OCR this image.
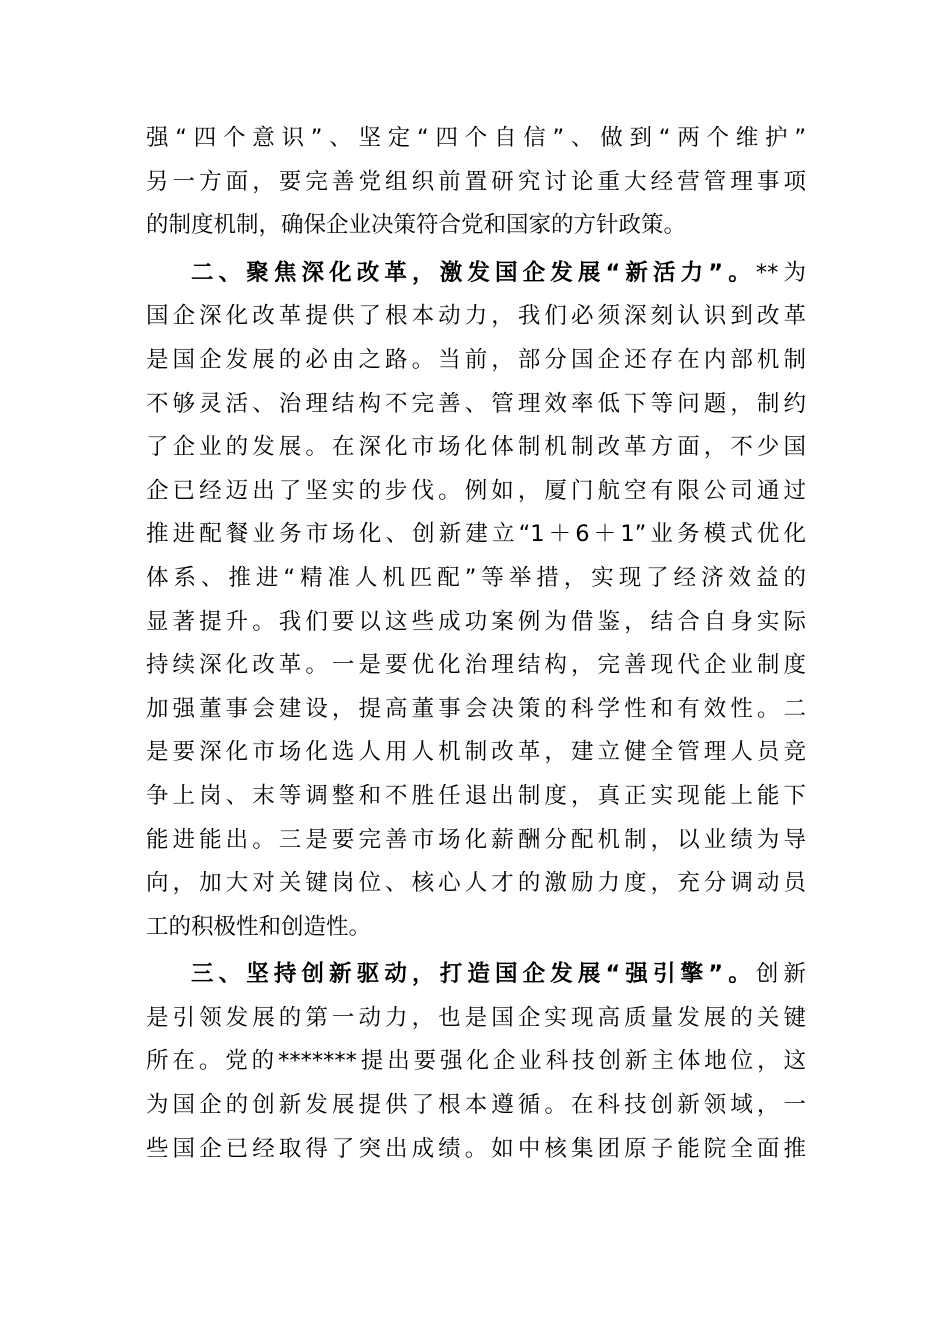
强“四个意识”、坚定“四个自信”、做到“两个维护”
另一方面，要完善党组织前置研究讨论重大经营管理事项
的制度机制，确保企业决策符合党和国家的方针政策。
二、聚焦深化改革，激发国企发展“新活力”。**为
国企深化改革提供了根本动力，我们必须深刻认识到改革
是国企发展的必由之路。当前，部分国企还存在内部机制
不够灵活、治理结构不完善、管理效率低下等问题，制约
了企业的发展。在深化市场化体制机制改革方面，不少国
企已经迈出了坚实的步伐。例如，厦门航空有限公司通过
推进配餐业务市场化、创新建立“1＋6＋1”业务模式优化
体系、推进“精准人机匹配”等举措，实现了经济效益的
显著提升。我们要以这些成功案例为借鉴，结合自身实际
持续深化改革。一是要优化治理结构，完善现代企业制度
加强董事会建设，提高董事会决策的科学性和有效性。二
是要深化市场化选人用人机制改革，建立健全管理人员竞
争上岗、末等调整和不胜任退出制度，真正实现能上能下
能进能出。三是要完善市场化薪酬分配机制，以业绩为导
向，加大对关键岗位、核心人才的激励力度，充分调动员
工的积极性和创造性。
三、坚持创新驱动，打造国企发展“强引擎”。创新
是引领发展的第一动力，也是国企实现高质量发展的关键
所在。党的*******提出要强化企业科技创新主体地位，这
为国企的创新发展提供了根本遵循。在科技创新领域，一
些国企已经取得了突出成绩。如中核集团原子能院全面推
